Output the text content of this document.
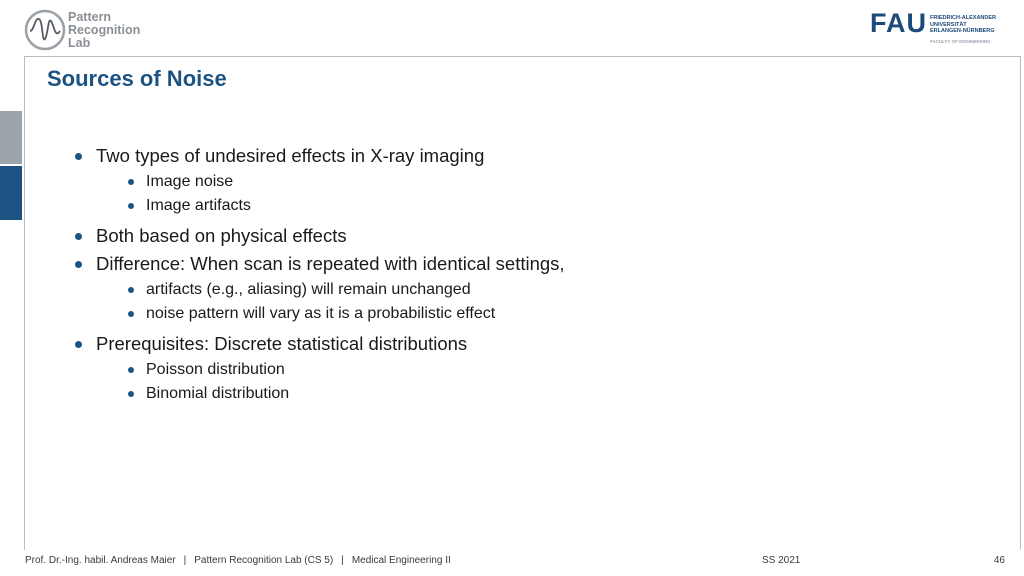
Pattern
Recognition
Lab
FAU FRIEDRICH-ALEXANDER
UNIVERSITÄT
ERLANGEN-NÜRNBERG
FACULTY OF ENGINEERING
Sources of Noise
Two types of undesired effects in X-ray imaging
Image noise
Image artifacts
Both based on physical effects
Difference: When scan is repeated with identical settings,
artifacts (e.g., aliasing) will remain unchanged
noise pattern will vary as it is a probabilistic effect
Prerequisites: Discrete statistical distributions
Poisson distribution
Binomial distribution
Prof. Dr.-Ing. habil. Andreas Maier | Pattern Recognition Lab (CS 5) | Medical Engineering II	SS 2021	46
